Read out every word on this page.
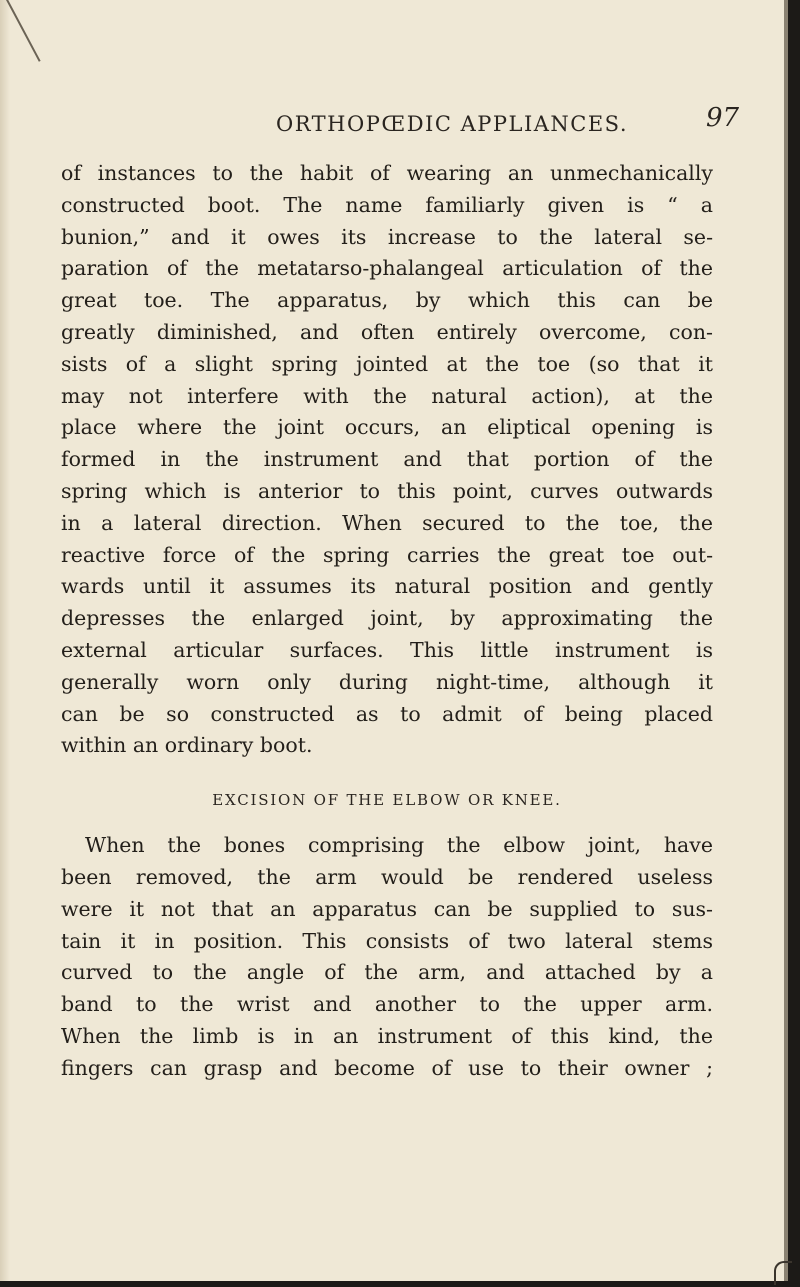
ORTHOPŒDIC APPLIANCES.	97

of instances to the habit of wearing an unmechanically
constructed boot. The name familiarly given is “ a
bunion,” and it owes its increase to the lateral se-
paration of the metatarso-phalangeal articulation of the
great toe. The apparatus, by which this can be
greatly diminished, and often entirely overcome, con-
sists of a slight spring jointed at the toe (so that it
may not interfere with the natural action), at the
place where the joint occurs, an eliptical opening is
formed in the instrument and that portion of the
spring which is anterior to this point, curves outwards
in a lateral direction. When secured to the toe, the
reactive force of the spring carries the great toe out-
wards until it assumes its natural position and gently
depresses the enlarged joint, by approximating the
external articular surfaces. This little instrument is
generally worn only during night-time, although it
can be so constructed as to admit of being placed
within an ordinary boot.

EXCISION OF THE ELBOW OR KNEE.

When the bones comprising the elbow joint, have
been removed, the arm would be rendered useless
were it not that an apparatus can be supplied to sus-
tain it in position. This consists of two lateral stems
curved to the angle of the arm, and attached by a
band to the wrist and another to the upper arm.
When the limb is in an instrument of this kind, the
fingers can grasp and become of use to their owner ;
